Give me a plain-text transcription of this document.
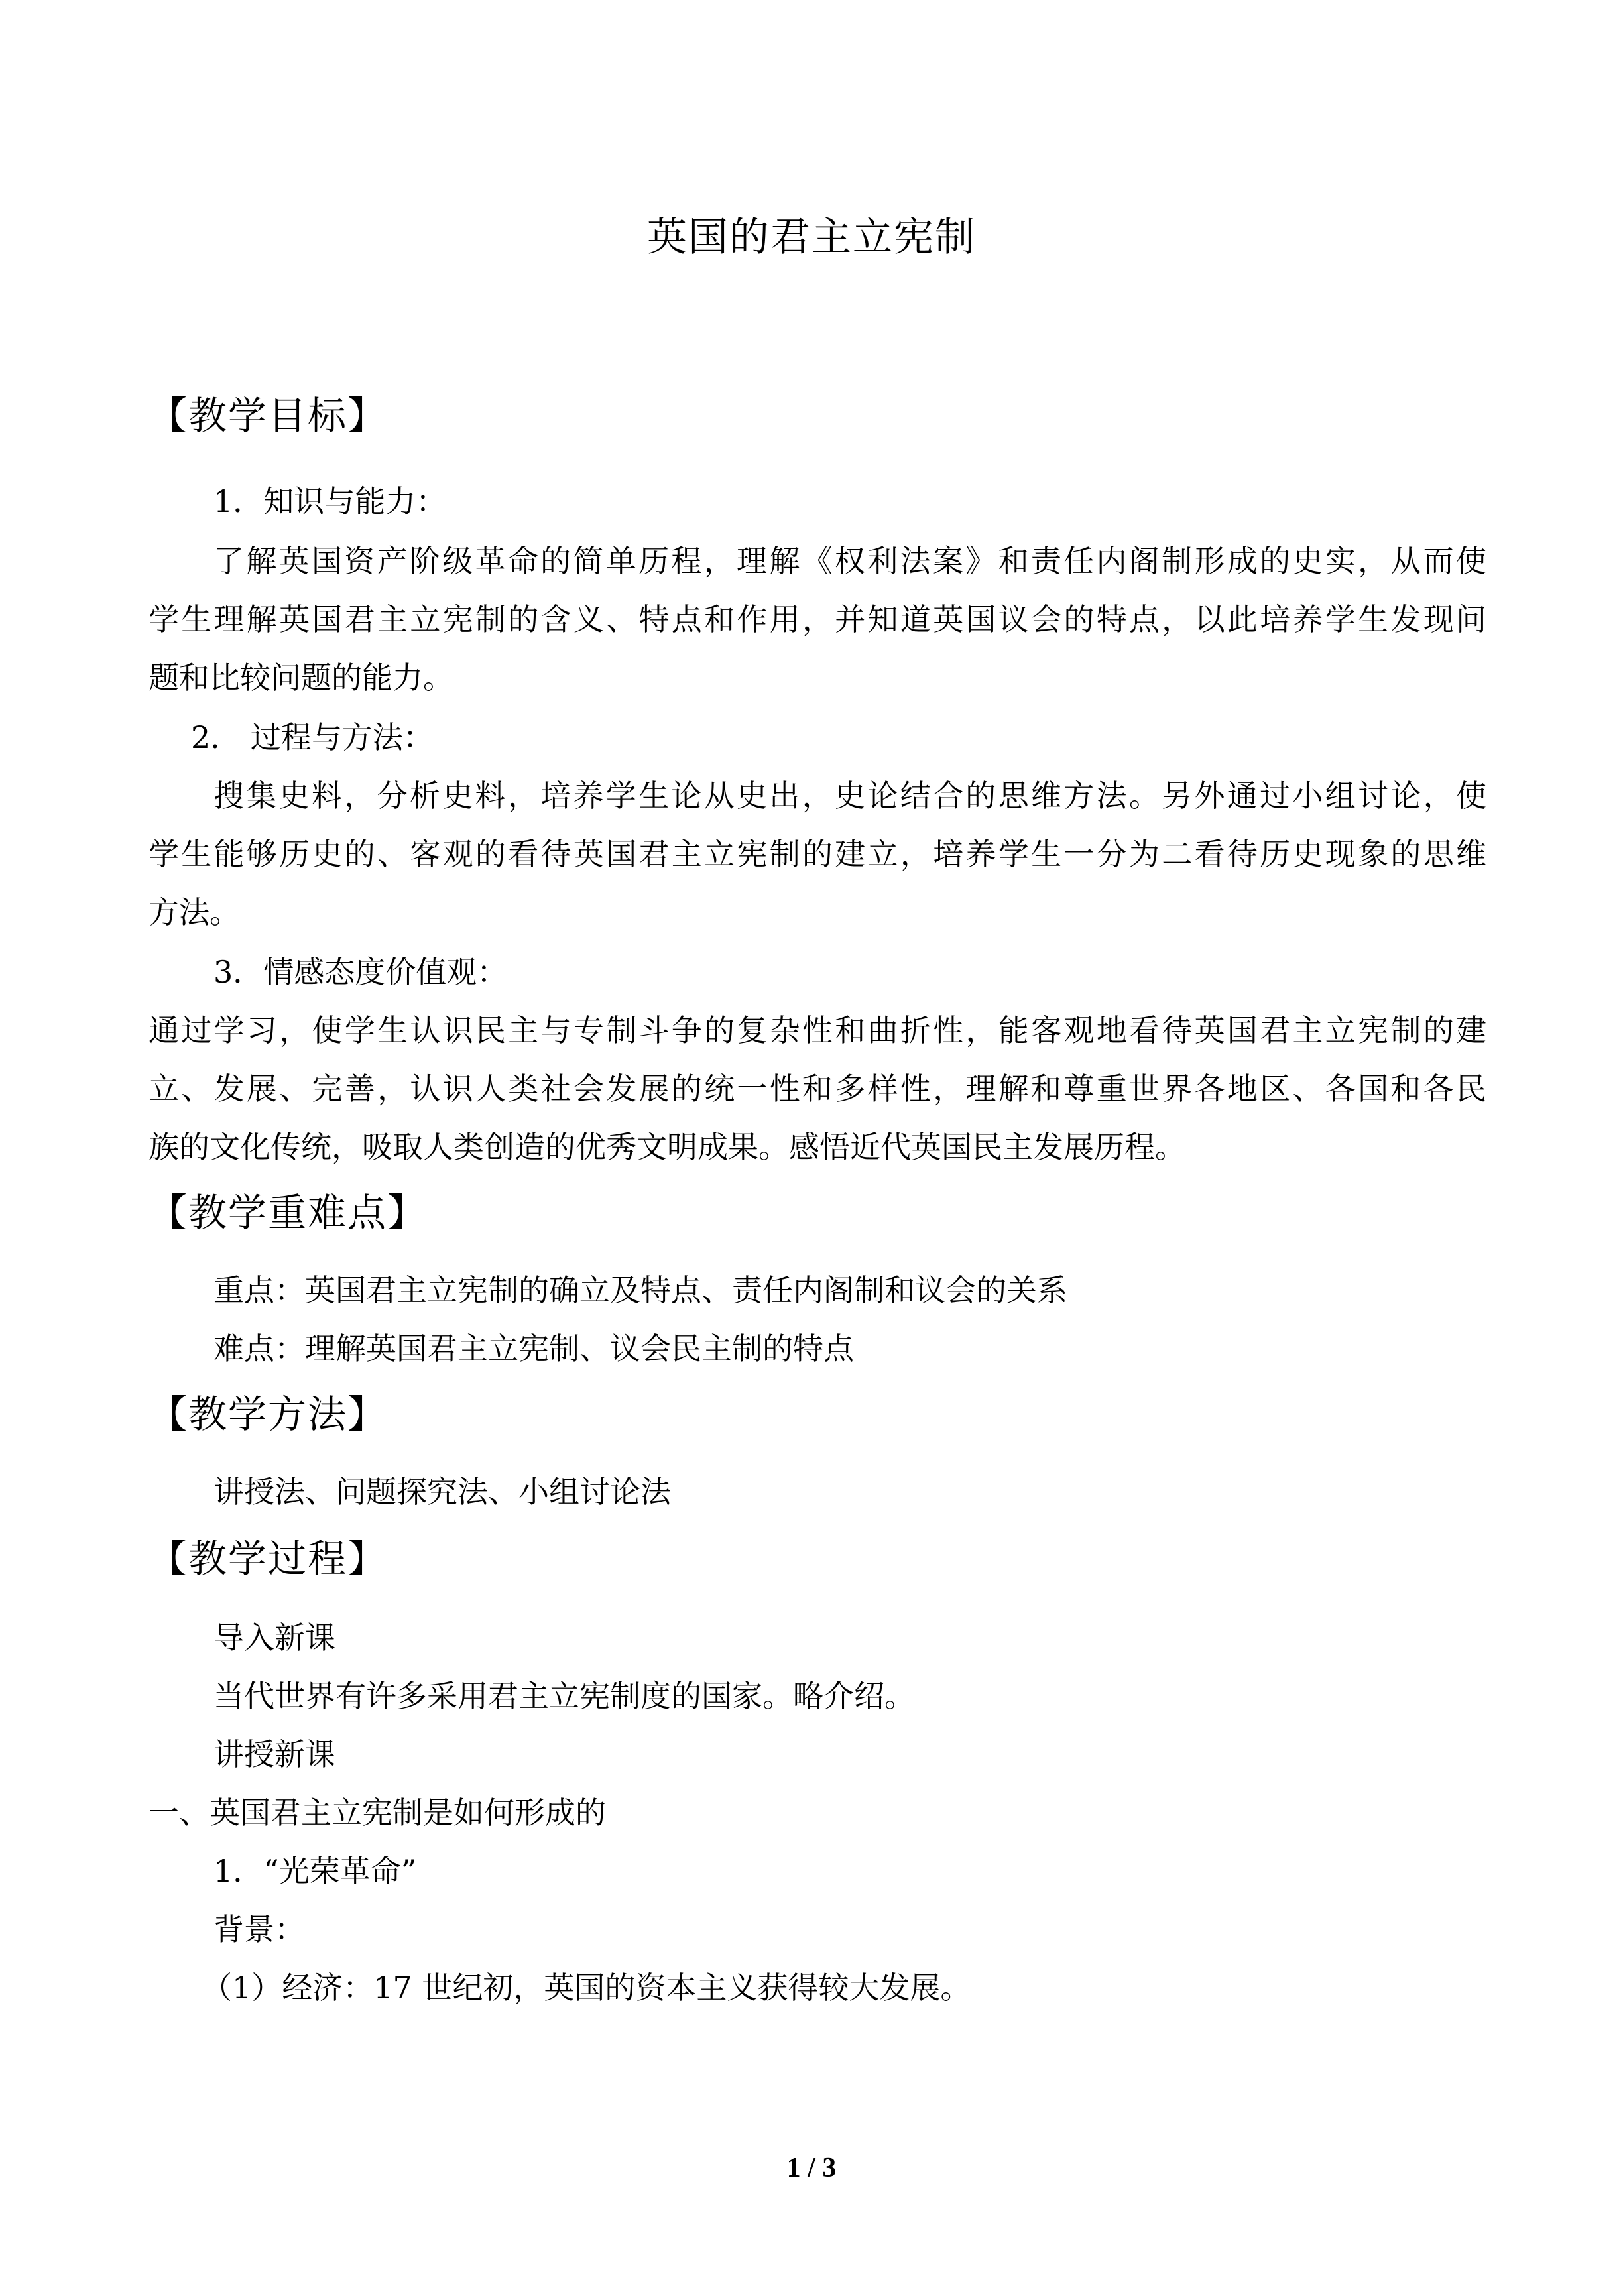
英国的君主立宪制
【教学目标】
1．知识与能力：
了解英国资产阶级革命的简单历程，理解《权利法案》和责任内阁制形成的史实，从而使
学生理解英国君主立宪制的含义、特点和作用，并知道英国议会的特点，以此培养学生发现问
题和比较问题的能力。
2． 过程与方法：
搜集史料，分析史料，培养学生论从史出，史论结合的思维方法。另外通过小组讨论，使
学生能够历史的、客观的看待英国君主立宪制的建立，培养学生一分为二看待历史现象的思维
方法。
3．情感态度价值观：
通过学习，使学生认识民主与专制斗争的复杂性和曲折性，能客观地看待英国君主立宪制的建
立、发展、完善，认识人类社会发展的统一性和多样性，理解和尊重世界各地区、各国和各民
族的文化传统，吸取人类创造的优秀文明成果。感悟近代英国民主发展历程。
【教学重难点】
重点：英国君主立宪制的确立及特点、责任内阁制和议会的关系
难点：理解英国君主立宪制、议会民主制的特点
【教学方法】
讲授法、问题探究法、小组讨论法
【教学过程】
导入新课
当代世界有许多采用君主立宪制度的国家。略介绍。
讲授新课
一、英国君主立宪制是如何形成的
1．“光荣革命”
背景：
（1）经济：17 世纪初，英国的资本主义获得较大发展。
1 / 3
